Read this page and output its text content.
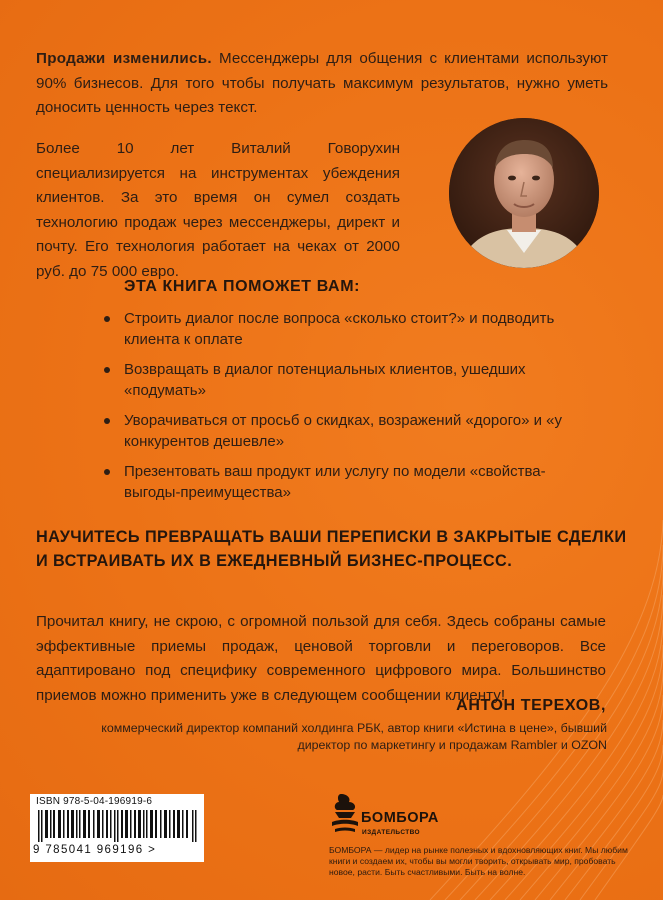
Продажи изменились. Мессенджеры для общения с клиентами используют 90% бизнесов. Для того чтобы получать максимум результатов, нужно уметь доносить ценность через текст.

Более 10 лет Виталий Говорухин специализируется на инструментах убеждения клиентов. За это время он сумел создать технологию продаж через мессенджеры, директ и почту. Его технология работает на чеках от 2000 руб. до 75 000 евро.

ЭТА КНИГА ПОМОЖЕТ ВАМ:

Строить диалог после вопроса «сколько стоит?» и подводить клиента к оплате
Возвращать в диалог потенциальных клиентов, ушедших «подумать»
Уворачиваться от просьб о скидках, возражений «дорого» и «у конкурентов дешевле»
Презентовать ваш продукт или услугу по модели «свойства-выгоды-преимущества»

НАУЧИТЕСЬ ПРЕВРАЩАТЬ ВАШИ ПЕРЕПИСКИ В ЗАКРЫТЫЕ СДЕЛКИ И ВСТРАИВАТЬ ИХ В ЕЖЕДНЕВНЫЙ БИЗНЕС-ПРОЦЕСС.

Прочитал книгу, не скрою, с огромной пользой для себя. Здесь собраны самые эффективные приемы продаж, ценовой торговли и переговоров. Все адаптировано под специфику современного цифрового мира. Большинство приемов можно применить уже в следующем сообщении клиенту!

АНТОН ТЕРЕХОВ,

коммерческий директор компаний холдинга РБК, автор книги «Истина в цене», бывший директор по маркетингу и продажам Rambler и OZON

ISBN 978-5-04-196919-6
9 785041 969196 >

БОМБОРА

ИЗДАТЕЛЬСТВО

БОМБОРА — лидер на рынке полезных и вдохновляющих книг. Мы любим книги и создаем их, чтобы вы могли творить, открывать мир, пробовать новое, расти. Быть счастливыми. Быть на волне.
